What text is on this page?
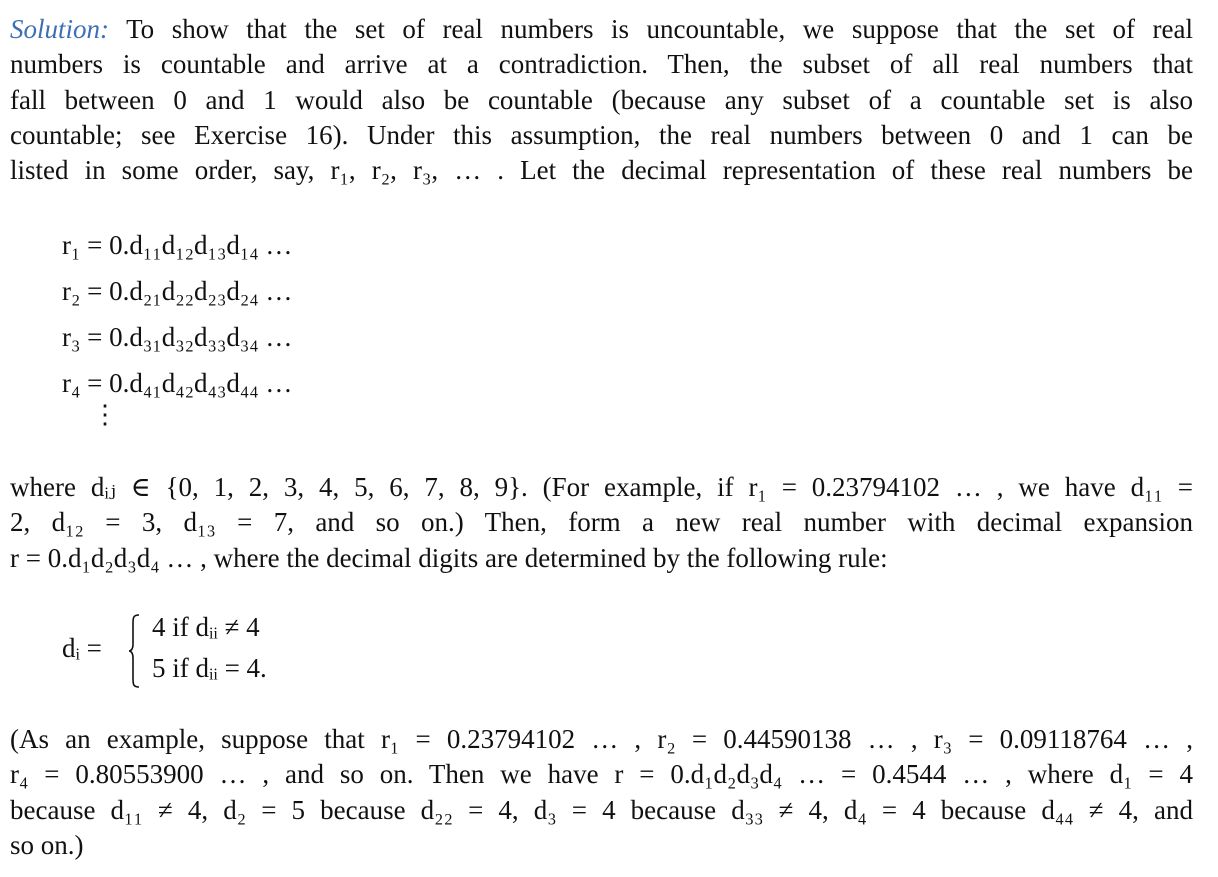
Solution: To show that the set of real numbers is uncountable, we suppose that the set of real
numbers is countable and arrive at a contradiction. Then, the subset of all real numbers that
fall between 0 and 1 would also be countable (because any subset of a countable set is also
countable; see Exercise 16). Under this assumption, the real numbers between 0 and 1 can be
listed in some order, say, r₁, r₂, r₃, … . Let the decimal representation of these real numbers be

r₁ = 0.d₁₁d₁₂d₁₃d₁₄ …
r₂ = 0.d₂₁d₂₂d₂₃d₂₄ …
r₃ = 0.d₃₁d₃₂d₃₃d₃₄ …
r₄ = 0.d₄₁d₄₂d₄₃d₄₄ …
⋮

where dᵢⱼ ∈ {0, 1, 2, 3, 4, 5, 6, 7, 8, 9}. (For example, if r₁ = 0.23794102 … , we have d₁₁ =
2, d₁₂ = 3, d₁₃ = 7, and so on.) Then, form a new real number with decimal expansion
r = 0.d₁d₂d₃d₄ … , where the decimal digits are determined by the following rule:

dᵢ =
4 if dᵢᵢ ≠ 4
5 if dᵢᵢ = 4.

(As an example, suppose that r₁ = 0.23794102 … , r₂ = 0.44590138 … , r₃ = 0.09118764 … ,
r₄ = 0.80553900 … , and so on. Then we have r = 0.d₁d₂d₃d₄ … = 0.4544 … , where d₁ = 4
because d₁₁ ≠ 4, d₂ = 5 because d₂₂ = 4, d₃ = 4 because d₃₃ ≠ 4, d₄ = 4 because d₄₄ ≠ 4, and
so on.)
